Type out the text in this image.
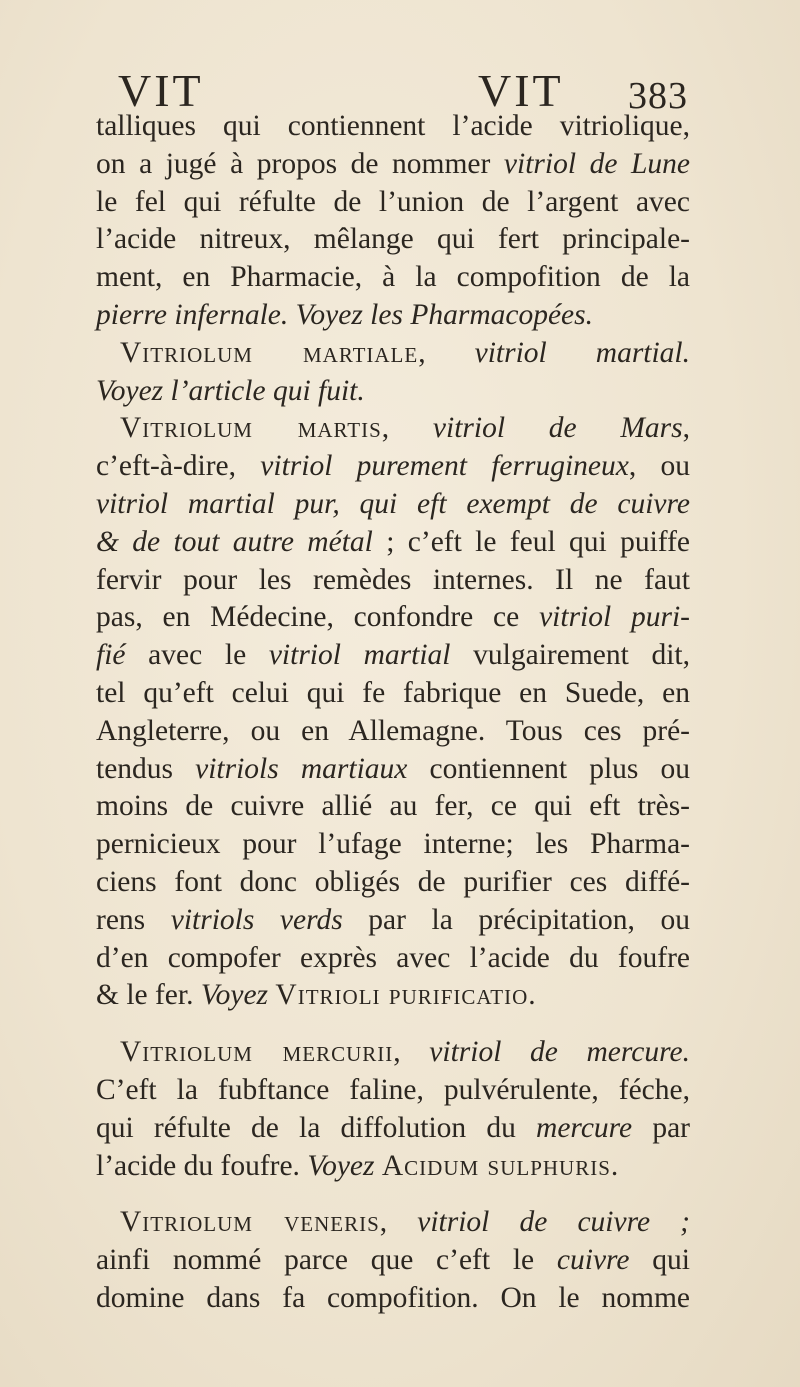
VIT	VIT 383
talliques qui contiennent l’acide vitriolique,
on a jugé à propos de nommer vitriol de Lune
le fel qui réfulte de l’union de l’argent avec
l’acide nitreux, mêlange qui fert principale-
ment, en Pharmacie, à la compofition de la
pierre infernale. Voyez les Pharmacopées.
Vitriolum martiale, vitriol martial.
Voyez l’article qui fuit.
Vitriolum martis, vitriol de Mars,
c’eft-à-dire, vitriol purement ferrugineux, ou
vitriol martial pur, qui eft exempt de cuivre
& de tout autre métal ; c’eft le feul qui puiffe
fervir pour les remèdes internes. Il ne faut
pas, en Médecine, confondre ce vitriol puri-
fié avec le vitriol martial vulgairement dit,
tel qu’eft celui qui fe fabrique en Suede, en
Angleterre, ou en Allemagne. Tous ces pré-
tendus vitriols martiaux contiennent plus ou
moins de cuivre allié au fer, ce qui eft très-
pernicieux pour l’ufage interne; les Pharma-
ciens font donc obligés de purifier ces diffé-
rens vitriols verds par la précipitation, ou
d’en compofer exprès avec l’acide du foufre
& le fer. Voyez Vitrioli purificatio.
Vitriolum mercurii, vitriol de mercure.
C’eft la fubftance faline, pulvérulente, féche,
qui réfulte de la diffolution du mercure par
l’acide du foufre. Voyez Acidum sulphuris.
Vitriolum veneris, vitriol de cuivre ;
ainfi nommé parce que c’eft le cuivre qui
domine dans fa compofition. On le nomme
